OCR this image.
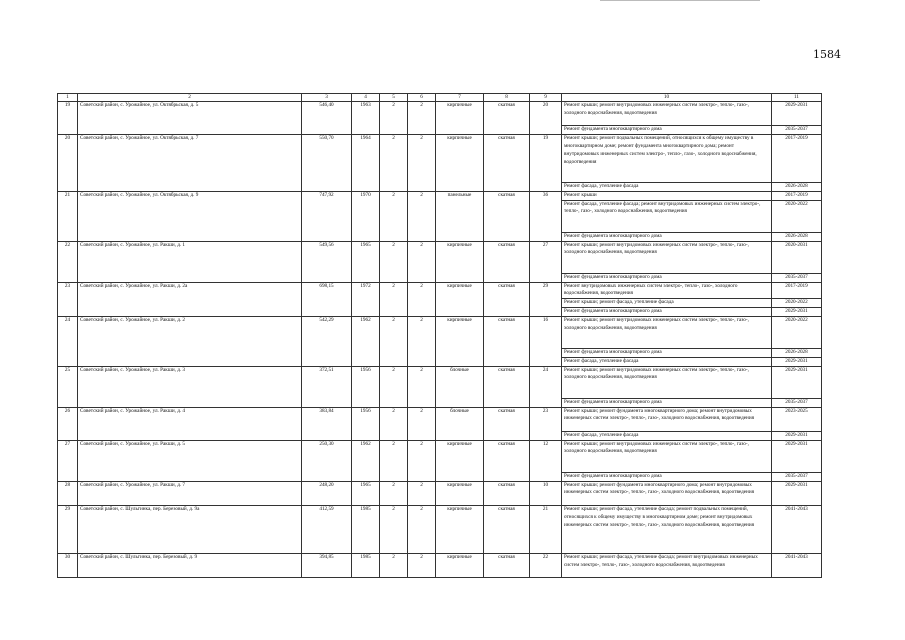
1584
1	2	3	4	5	6	7	8	9	10	11
19	Советский район, с. Урожайное, ул. Октябрьская, д. 5	546,40	1963	2	2	кирпичные	скатная	20	Ремонт крыши; ремонт внутридомовых инженерных систем электро-, тепло-, газо-, холодного водоснабжения, водоотведения	2029-2031
									Ремонт фундамента многоквартирного дома	2035-2037
20	Советский район, с. Урожайное, ул. Октябрьская, д. 7	550,70	1964	2	2	кирпичные	скатная	19	Ремонт крыши; ремонт подвальных помещений, относящихся к общему имуществу в многоквартирном доме; ремонт фундамента многоквартирного дома; ремонт внутридомовых инженерных систем электро-, тепло-, газо-, холодного водоснабжения, водоотведения	2017-2019
									Ремонт фасада, утепление фасада	2026-2028
21	Советский район, с. Урожайное, ул. Октябрьская, д. 9	747,92	1970	2	2	панельные	скатная	36	Ремонт крыши	2017-2019
									Ремонт фасада, утепление фасада; ремонт внутридомовых инженерных систем электро-, тепло-, газо-, холодного водоснабжения, водоотведения	2020-2022
									Ремонт фундамента многоквартирного дома	2026-2028
22	Советский район, с. Урожайное, ул. Ракши, д. 1	549,56	1965	2	2	кирпичные	скатная	27	Ремонт крыши; ремонт внутридомовых инженерных систем электро-, тепло-, газо-, холодного водоснабжения, водоотведения	2020-2031
									Ремонт фундамента многоквартирного дома	2035-2037
23	Советский район, с. Урожайное, ул. Ракши, д. 2а	698,15	1972	2	2	кирпичные	скатная	29	Ремонт внутридомовых инженерных систем электро-, тепло-, газо-, холодного водоснабжения, водоотведения	2017-2019
									Ремонт крыши; ремонт фасада, утепление фасада	2020-2022
									Ремонт фундамента многоквартирного дома	2029-2031
24	Советский район, с. Урожайное, ул. Ракши, д. 2	542,29	1962	2	2	кирпичные	скатная	16	Ремонт крыши; ремонт внутридомовых инженерных систем электро-, тепло-, газо-, холодного водоснабжения, водоотведения	2020-2022
									Ремонт фундамента многоквартирного дома	2026-2028
									Ремонт фасада, утепление фасада	2029-2031
25	Советский район, с. Урожайное, ул. Ракши, д. 3	372,51	1956	2	2	блочные	скатная	24	Ремонт крыши; ремонт внутридомовых инженерных систем электро-, тепло-, газо-, холодного водоснабжения, водоотведения	2029-2031
									Ремонт фундамента многоквартирного дома	2035-2037
26	Советский район, с. Урожайное, ул. Ракши, д. 4	383,84	1956	2	2	блочные	скатная	23	Ремонт крыши; ремонт фундамента многоквартирного дома; ремонт внутридомовых инженерных систем электро-, тепло-, газо-, холодного водоснабжения, водоотведения	2023-2025
									Ремонт фасада, утепление фасада	2029-2031
27	Советский район, с. Урожайное, ул. Ракши, д. 5	250,30	1962	2	2	кирпичные	скатная	12	Ремонт крыши; ремонт внутридомовых инженерных систем электро-, тепло-, газо-, холодного водоснабжения, водоотведения	2029-2031
									Ремонт фундамента многоквартирного дома	2035-2037
28	Советский район, с. Урожайное, ул. Ракши, д. 7	248,20	1965	2	2	кирпичные	скатная	10	Ремонт крыши; ремонт фундамента многоквартирного дома; ремонт внутридомовых инженерных систем электро-, тепло-, газо-, холодного водоснабжения, водоотведения	2029-2031
29	Советский район, с. Шульгинка, пер. Березовый, д. 9а	412,59	1985	2	2	кирпичные	скатная	21	Ремонт крыши; ремонт фасада, утепление фасада; ремонт подвальных помещений, относящихся к общему имуществу в многоквартирном доме; ремонт внутридомовых инженерных систем электро-, тепло-, газо-, холодного водоснабжения, водоотведения	2041-2043
30	Советский район, с. Шульгинка, пер. Березовый, д. 9	394,85	1985	2	2	кирпичные	скатная	22	Ремонт крыши; ремонт фасада, утепление фасада; ремонт внутридомовых инженерных систем электро-, тепло-, газо-, холодного водоснабжения, водоотведения	2041-2043
